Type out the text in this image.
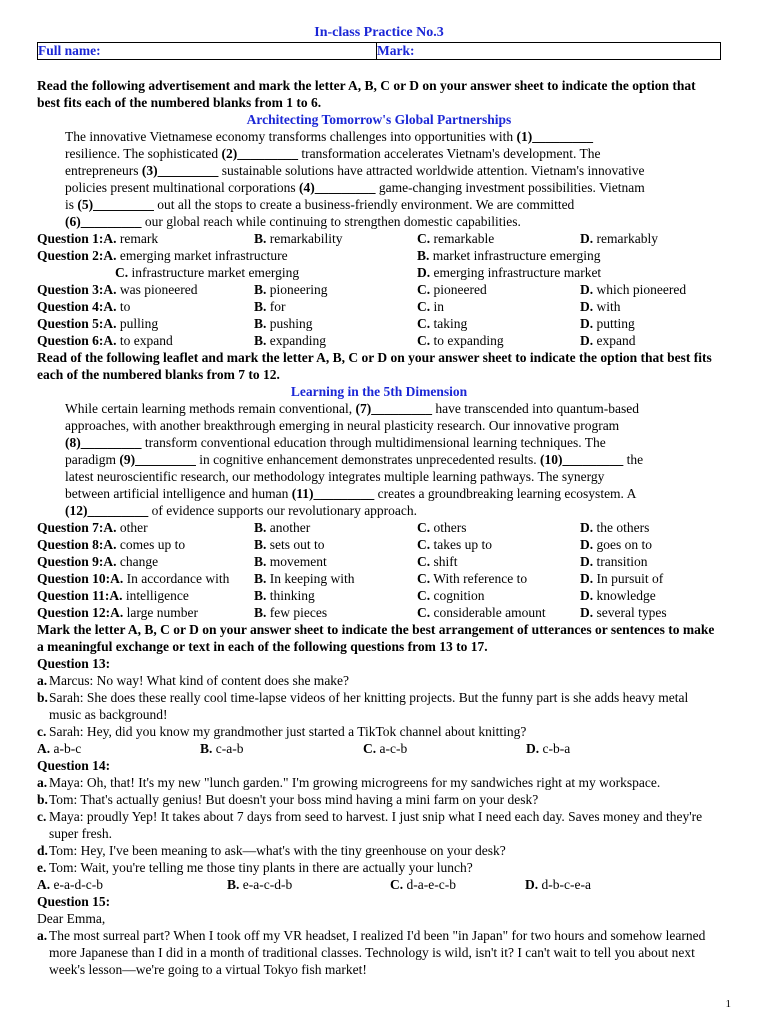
In-class Practice No.3
Full name:	Mark:
Read the following advertisement and mark the letter A, B, C or D on your answer sheet to indicate the option that best fits each of the numbered blanks from 1 to 6.
Architecting Tomorrow's Global Partnerships

The innovative Vietnamese economy transforms challenges into opportunities with (1)_________

resilience. The sophisticated (2)_________ transformation accelerates Vietnam's development. The

entrepreneurs (3)_________ sustainable solutions have attracted worldwide attention. Vietnam's innovative

policies present multinational corporations (4)_________ game-changing investment possibilities. Vietnam

is (5)_________ out all the stops to create a business-friendly environment. We are committed

(6)_________ our global reach while continuing to strengthen domestic capabilities.

Question 1:A. remark	B. remarkability	C. remarkable	D. remarkably
Question 2:A. emerging market infrastructure	B. market infrastructure emerging
C. infrastructure market emerging	D. emerging infrastructure market
Question 3:A. was pioneered	B. pioneering	C. pioneered	D. which pioneered
Question 4:A. to	B. for	C. in	D. with
Question 5:A. pulling	B. pushing	C. taking	D. putting
Question 6:A. to expand	B. expanding	C. to expanding	D. expand
Read of the following leaflet and mark the letter A, B, C or D on your answer sheet to indicate the option that best fits each of the numbered blanks from 7 to 12.
Learning in the 5th Dimension

While certain learning methods remain conventional, (7)_________ have transcended into quantum-based

approaches, with another breakthrough emerging in neural plasticity research. Our innovative program

(8)_________ transform conventional education through multidimensional learning techniques. The

paradigm (9)_________ in cognitive enhancement demonstrates unprecedented results. (10)_________ the

latest neuroscientific research, our methodology integrates multiple learning pathways. The synergy

between artificial intelligence and human (11)_________ creates a groundbreaking learning ecosystem. A

(12)_________ of evidence supports our revolutionary approach.

Question 7:A. other	B. another	C. others	D. the others
Question 8:A. comes up to	B. sets out to	C. takes up to	D. goes on to
Question 9:A. change	B. movement	C. shift	D. transition
Question 10:A. In accordance with	B. In keeping with	C. With reference to	D. In pursuit of
Question 11:A. intelligence	B. thinking	C. cognition	D. knowledge
Question 12:A. large number	B. few pieces	C. considerable amount	D. several types
Mark the letter A, B, C or D on your answer sheet to indicate the best arrangement of utterances or sentences to make a meaningful exchange or text in each of the following questions from 13 to 17.
Question 13:
a. Marcus: No way! What kind of content does she make?
b. Sarah: She does these really cool time-lapse videos of her knitting projects. But the funny part is she adds heavy metal music as background!
c. Sarah: Hey, did you know my grandmother just started a TikTok channel about knitting?
A. a-b-c	B. c-a-b	C. a-c-b	D. c-b-a
Question 14:
a. Maya: Oh, that! It's my new "lunch garden." I'm growing microgreens for my sandwiches right at my workspace.
b. Tom: That's actually genius! But doesn't your boss mind having a mini farm on your desk?
c. Maya: proudly Yep! It takes about 7 days from seed to harvest. I just snip what I need each day. Saves money and they're super fresh.
d. Tom: Hey, I've been meaning to ask—what's with the tiny greenhouse on your desk?
e. Tom: Wait, you're telling me those tiny plants in there are actually your lunch?
A. e-a-d-c-b	B. e-a-c-d-b	C. d-a-e-c-b	D. d-b-c-e-a
Question 15:
Dear Emma,
a. The most surreal part? When I took off my VR headset, I realized I'd been "in Japan" for two hours and somehow learned more Japanese than I did in a month of traditional classes. Technology is wild, isn't it? I can't wait to tell you about next week's lesson—we're going to a virtual Tokyo fish market!
1
